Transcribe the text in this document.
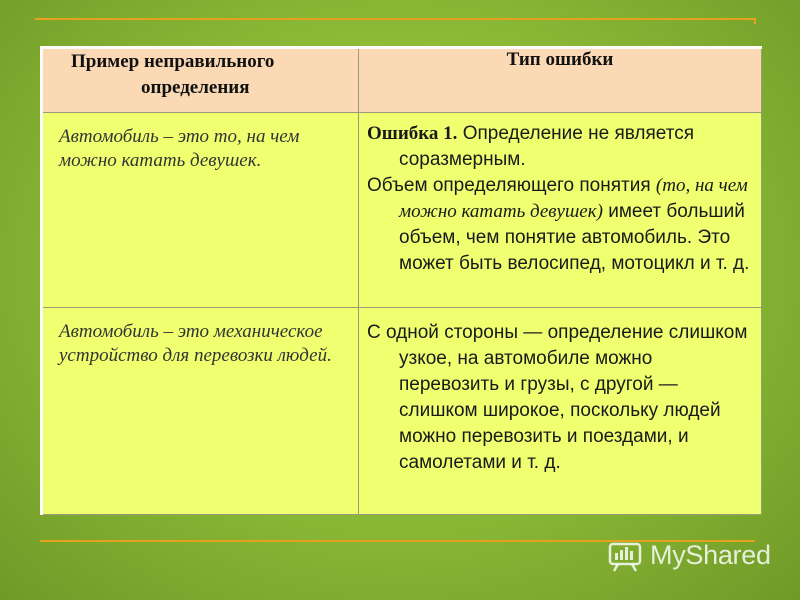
Пример неправильного
определения	Тип ошибки

Автомобиль – это то, на чем можно катать девушек.	Ошибка 1. Определение не является соразмерным.

Объем определяющего понятия (то, на чем можно катать девушек) имеет больший объем, чем понятие автомобиль. Это может быть велосипед, мотоцикл и т. д.

Автомобиль – это механическое устройство для перевозки людей.	С одной стороны — определение слишком узкое, на автомобиле можно перевозить и грузы, с другой — слишком широкое, поскольку людей можно перевозить и поездами, и самолетами и т. д.

MyShared
